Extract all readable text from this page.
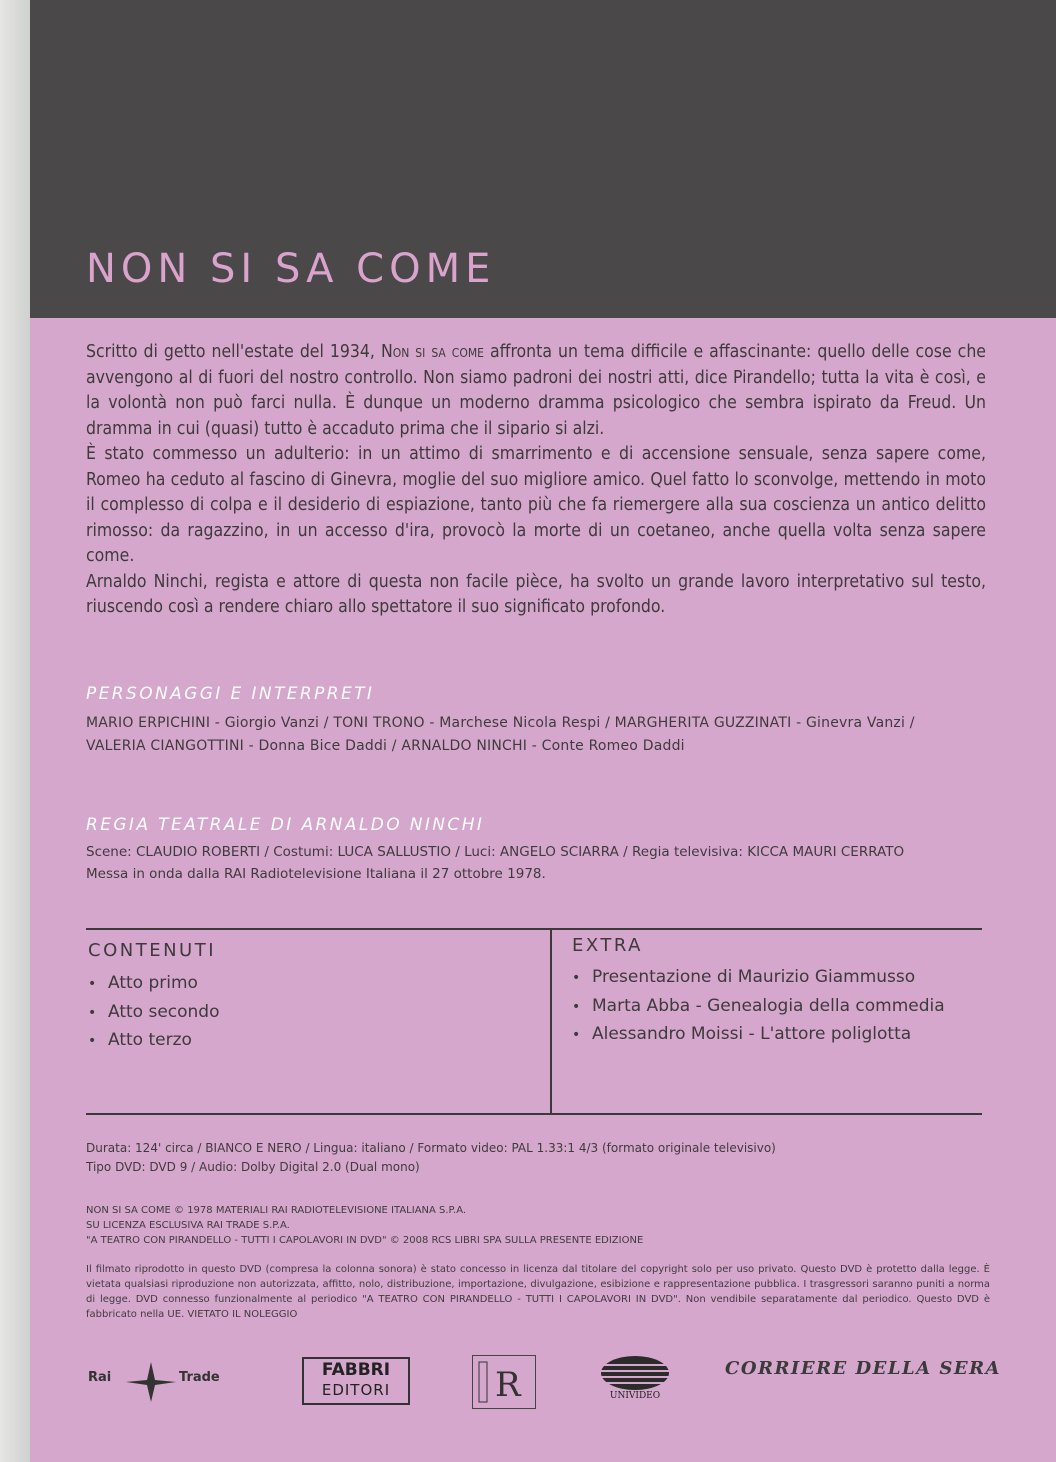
NON SI SA COME

Scritto di getto nell'estate del 1934, Non si sa come affronta un tema difficile e affascinante: quello delle cose che avvengono al di fuori del nostro controllo. Non siamo padroni dei nostri atti, dice Pirandello; tutta la vita è così, e la volontà non può farci nulla. È dunque un moderno dramma psicologico che sembra ispirato da Freud. Un dramma in cui (quasi) tutto è accaduto prima che il sipario si alzi.

È stato commesso un adulterio: in un attimo di smarrimento e di accensione sensuale, senza sapere come, Romeo ha ceduto al fascino di Ginevra, moglie del suo migliore amico. Quel fatto lo sconvolge, mettendo in moto il complesso di colpa e il desiderio di espiazione, tanto più che fa riemergere alla sua coscienza un antico delitto rimosso: da ragazzino, in un accesso d'ira, provocò la morte di un coetaneo, anche quella volta senza sapere come.

Arnaldo Ninchi, regista e attore di questa non facile pièce, ha svolto un grande lavoro interpretativo sul testo, riuscendo così a rendere chiaro allo spettatore il suo significato profondo.

PERSONAGGI E INTERPRETI
MARIO ERPICHINI - Giorgio Vanzi / TONI TRONO - Marchese Nicola Respi / MARGHERITA GUZZINATI - Ginevra Vanzi /
VALERIA CIANGOTTINI - Donna Bice Daddi / ARNALDO NINCHI - Conte Romeo Daddi
REGIA TEATRALE DI ARNALDO NINCHI
Scene: CLAUDIO ROBERTI / Costumi: LUCA SALLUSTIO / Luci: ANGELO SCIARRA / Regia televisiva: KICCA MAURI CERRATO
Messa in onda dalla RAI Radiotelevisione Italiana il 27 ottobre 1978.
CONTENUTI
• Atto primo
• Atto secondo
• Atto terzo
EXTRA
• Presentazione di Maurizio Giammusso
• Marta Abba - Genealogia della commedia
• Alessandro Moissi - L'attore poliglotta
Durata: 124' circa / BIANCO E NERO / Lingua: italiano / Formato video: PAL 1.33:1 4/3 (formato originale televisivo)
Tipo DVD: DVD 9 / Audio: Dolby Digital 2.0 (Dual mono)
NON SI SA COME © 1978 MATERIALI RAI RADIOTELEVISIONE ITALIANA S.P.A.
SU LICENZA ESCLUSIVA RAI TRADE S.P.A.
"A TEATRO CON PIRANDELLO - TUTTI I CAPOLAVORI IN DVD" © 2008 RCS LIBRI SPA SULLA PRESENTE EDIZIONE
Il filmato riprodotto in questo DVD (compresa la colonna sonora) è stato concesso in licenza dal titolare del copyright solo per uso privato. Questo DVD è protetto dalla legge. È vietata qualsiasi riproduzione non autorizzata, affitto, nolo, distribuzione, importazione, divulgazione, esibizione e rappresentazione pubblica. I trasgressori saranno puniti a norma di legge. DVD connesso funzionalmente al periodico "A TEATRO CON PIRANDELLO - TUTTI I CAPOLAVORI IN DVD". Non vendibile separatamente dal periodico. Questo DVD è fabbricato nella UE. VIETATO IL NOLEGGIO
Rai	Trade	FABBRI
EDITORI	R	UNIVIDEO
CORRIERE DELLA SERA
